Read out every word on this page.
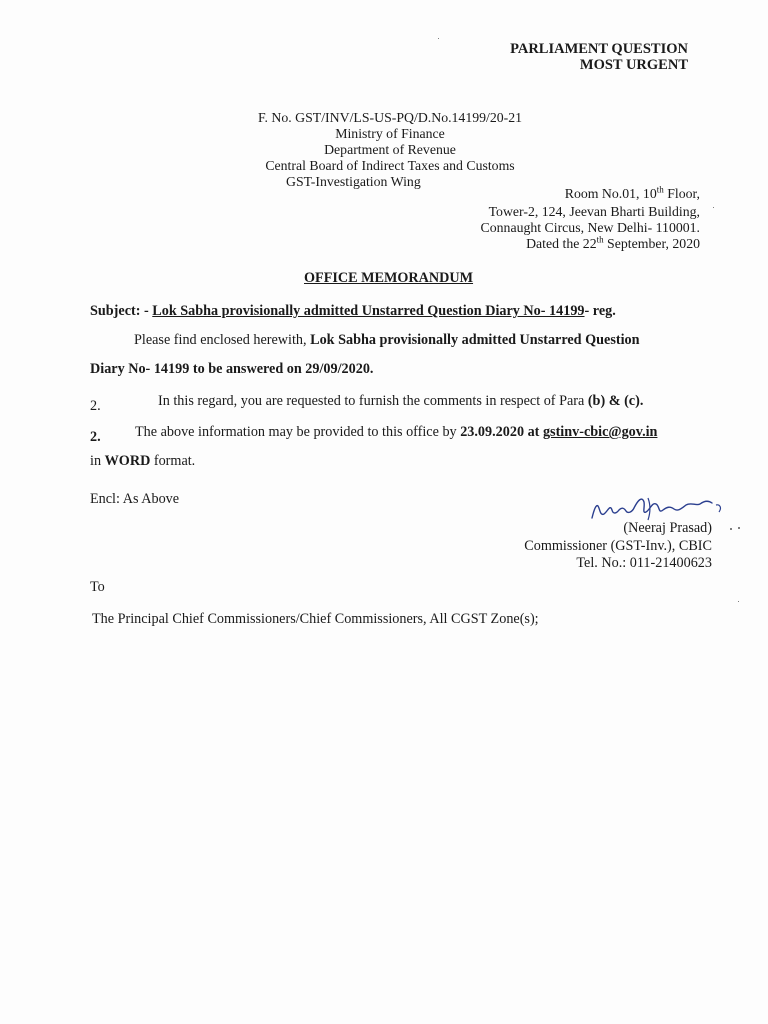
PARLIAMENT QUESTION
MOST URGENT
F. No. GST/INV/LS-US-PQ/D.No.14199/20-21
Ministry of Finance
Department of Revenue
Central Board of Indirect Taxes and Customs
GST-Investigation Wing
Room No.01, 10th Floor,
Tower-2, 124, Jeevan Bharti Building,
Connaught Circus, New Delhi- 110001.
Dated the 22th September, 2020
OFFICE MEMORANDUM
Subject: - Lok Sabha provisionally admitted Unstarred Question Diary No- 14199- reg.
Please find enclosed herewith, Lok Sabha provisionally admitted Unstarred Question
Diary No- 14199 to be answered on 29/09/2020.
2.	In this regard, you are requested to furnish the comments in respect of Para (b) & (c).
2. The above information may be provided to this office by 23.09.2020 at gstinv-cbic@gov.in
in WORD format.
Encl: As Above
(Neeraj Prasad)
Commissioner (GST-Inv.), CBIC
Tel. No.: 011-21400623
To
The Principal Chief Commissioners/Chief Commissioners, All CGST Zone(s);
